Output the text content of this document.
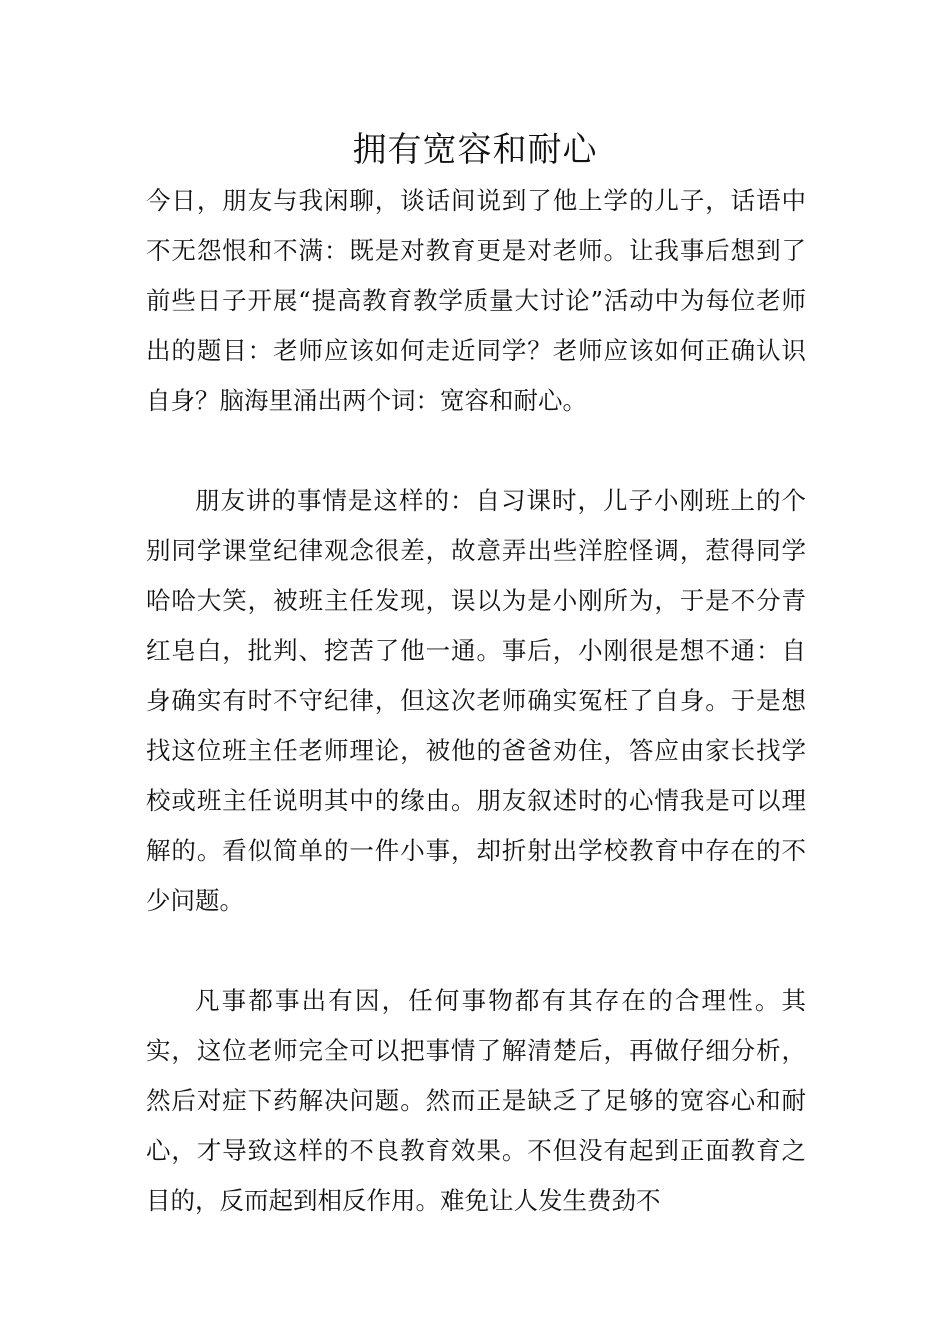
拥有宽容和耐心

今日，朋友与我闲聊，谈话间说到了他上学的儿子，话语中不无怨恨和不满：既是对教育更是对老师。让我事后想到了前些日子开展“提高教育教学质量大讨论”活动中为每位老师出的题目：老师应该如何走近同学？老师应该如何正确认识自身？脑海里涌出两个词：宽容和耐心。

朋友讲的事情是这样的：自习课时，儿子小刚班上的个别同学课堂纪律观念很差，故意弄出些洋腔怪调，惹得同学哈哈大笑，被班主任发现，误以为是小刚所为，于是不分青红皂白，批判、挖苦了他一通。事后，小刚很是想不通：自身确实有时不守纪律，但这次老师确实冤枉了自身。于是想找这位班主任老师理论，被他的爸爸劝住，答应由家长找学校或班主任说明其中的缘由。朋友叙述时的心情我是可以理解的。看似简单的一件小事，却折射出学校教育中存在的不少问题。

凡事都事出有因，任何事物都有其存在的合理性。其实，这位老师完全可以把事情了解清楚后，再做仔细分析，然后对症下药解决问题。然而正是缺乏了足够的宽容心和耐心，才导致这样的不良教育效果。不但没有起到正面教育之目的，反而起到相反作用。难免让人发生费劲不
